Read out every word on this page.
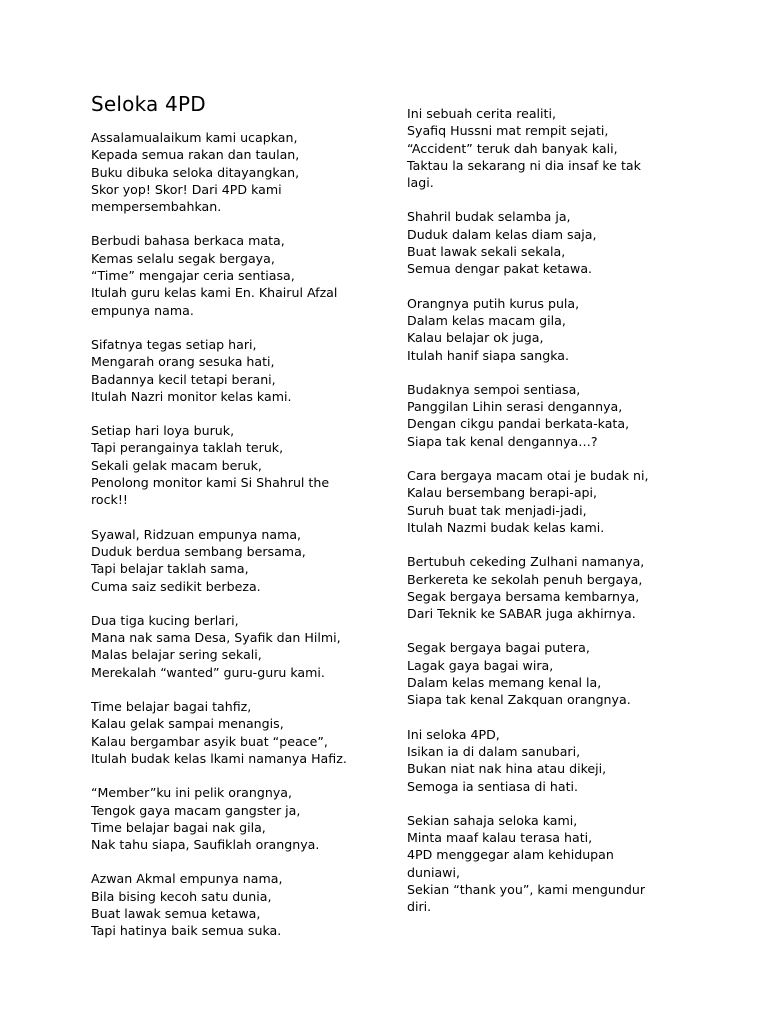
Seloka 4PD
Assalamualaikum kami ucapkan,
Kepada semua rakan dan taulan,
Buku dibuka seloka ditayangkan,
Skor yop! Skor! Dari 4PD kami
mempersembahkan.
Berbudi bahasa berkaca mata,
Kemas selalu segak bergaya,
“Time” mengajar ceria sentiasa,
Itulah guru kelas kami En. Khairul Afzal
empunya nama.
Sifatnya tegas setiap hari,
Mengarah orang sesuka hati,
Badannya kecil tetapi berani,
Itulah Nazri monitor kelas kami.
Setiap hari loya buruk,
Tapi perangainya taklah teruk,
Sekali gelak macam beruk,
Penolong monitor kami Si Shahrul the
rock!!
Syawal, Ridzuan empunya nama,
Duduk berdua sembang bersama,
Tapi belajar taklah sama,
Cuma saiz sedikit berbeza.
Dua tiga kucing berlari,
Mana nak sama Desa, Syafik dan Hilmi,
Malas belajar sering sekali,
Merekalah “wanted” guru-guru kami.
Time belajar bagai tahfiz,
Kalau gelak sampai menangis,
Kalau bergambar asyik buat “peace”,
Itulah budak kelas lkami namanya Hafiz.
“Member”ku ini pelik orangnya,
Tengok gaya macam gangster ja,
Time belajar bagai nak gila,
Nak tahu siapa, Saufiklah orangnya.
Azwan Akmal empunya nama,
Bila bising kecoh satu dunia,
Buat lawak semua ketawa,
Tapi hatinya baik semua suka.
Ini sebuah cerita realiti,
Syafiq Hussni mat rempit sejati,
“Accident” teruk dah banyak kali,
Taktau la sekarang ni dia insaf ke tak
lagi.
Shahril budak selamba ja,
Duduk dalam kelas diam saja,
Buat lawak sekali sekala,
Semua dengar pakat ketawa.
Orangnya putih kurus pula,
Dalam kelas macam gila,
Kalau belajar ok juga,
Itulah hanif siapa sangka.
Budaknya sempoi sentiasa,
Panggilan Lihin serasi dengannya,
Dengan cikgu pandai berkata-kata,
Siapa tak kenal dengannya…?
Cara bergaya macam otai je budak ni,
Kalau bersembang berapi-api,
Suruh buat tak menjadi-jadi,
Itulah Nazmi budak kelas kami.
Bertubuh cekeding Zulhani namanya,
Berkereta ke sekolah penuh bergaya,
Segak bergaya bersama kembarnya,
Dari Teknik ke SABAR juga akhirnya.
Segak bergaya bagai putera,
Lagak gaya bagai wira,
Dalam kelas memang kenal la,
Siapa tak kenal Zakquan orangnya.
Ini seloka 4PD,
Isikan ia di dalam sanubari,
Bukan niat nak hina atau dikeji,
Semoga ia sentiasa di hati.
Sekian sahaja seloka kami,
Minta maaf kalau terasa hati,
4PD menggegar alam kehidupan
duniawi,
Sekian “thank you”, kami mengundur
diri.
